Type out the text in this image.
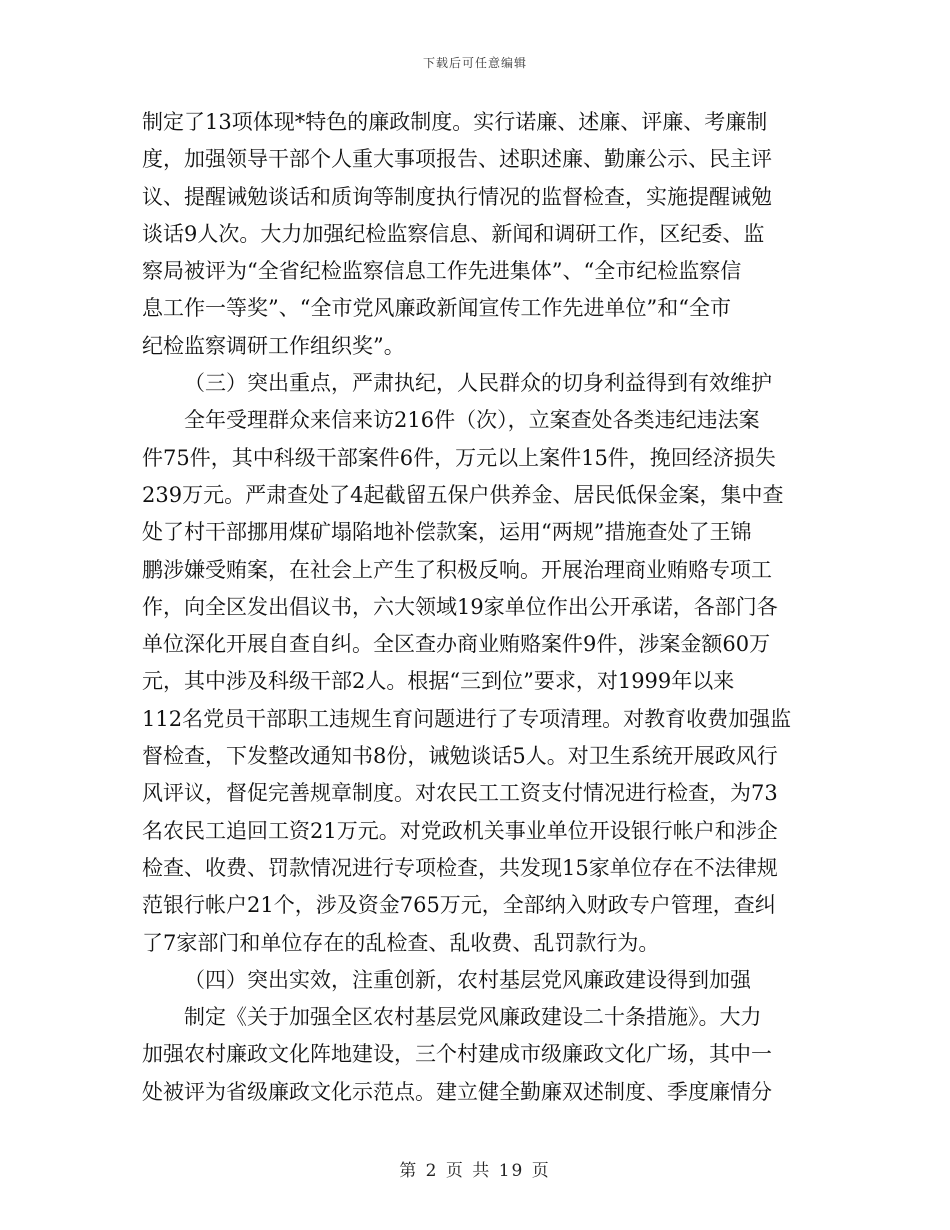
下载后可任意编辑
制定了13项体现*特色的廉政制度。实行诺廉、述廉、评廉、考廉制
度，加强领导干部个人重大事项报告、述职述廉、勤廉公示、民主评
议、提醒诫勉谈话和质询等制度执行情况的监督检查，实施提醒诫勉
谈话9人次。大力加强纪检监察信息、新闻和调研工作，区纪委、监
察局被评为“全省纪检监察信息工作先进集体”、“全市纪检监察信
息工作一等奖”、“全市党风廉政新闻宣传工作先进单位”和“全市
纪检监察调研工作组织奖”。
（三）突出重点，严肃执纪，人民群众的切身利益得到有效维护
全年受理群众来信来访216件（次），立案查处各类违纪违法案
件75件，其中科级干部案件6件，万元以上案件15件，挽回经济损失
239万元。严肃查处了4起截留五保户供养金、居民低保金案，集中查
处了村干部挪用煤矿塌陷地补偿款案，运用“两规”措施查处了王锦
鹏涉嫌受贿案，在社会上产生了积极反响。开展治理商业贿赂专项工
作，向全区发出倡议书，六大领域19家单位作出公开承诺，各部门各
单位深化开展自查自纠。全区查办商业贿赂案件9件，涉案金额60万
元，其中涉及科级干部2人。根据“三到位”要求，对1999年以来
112名党员干部职工违规生育问题进行了专项清理。对教育收费加强监
督检查，下发整改通知书8份，诫勉谈话5人。对卫生系统开展政风行
风评议，督促完善规章制度。对农民工工资支付情况进行检查，为73
名农民工追回工资21万元。对党政机关事业单位开设银行帐户和涉企
检查、收费、罚款情况进行专项检查，共发现15家单位存在不法律规
范银行帐户21个，涉及资金765万元，全部纳入财政专户管理，查纠
了7家部门和单位存在的乱检查、乱收费、乱罚款行为。
（四）突出实效，注重创新，农村基层党风廉政建设得到加强
制定《关于加强全区农村基层党风廉政建设二十条措施》。大力
加强农村廉政文化阵地建设，三个村建成市级廉政文化广场，其中一
处被评为省级廉政文化示范点。建立健全勤廉双述制度、季度廉情分
第 2 页 共 19 页
